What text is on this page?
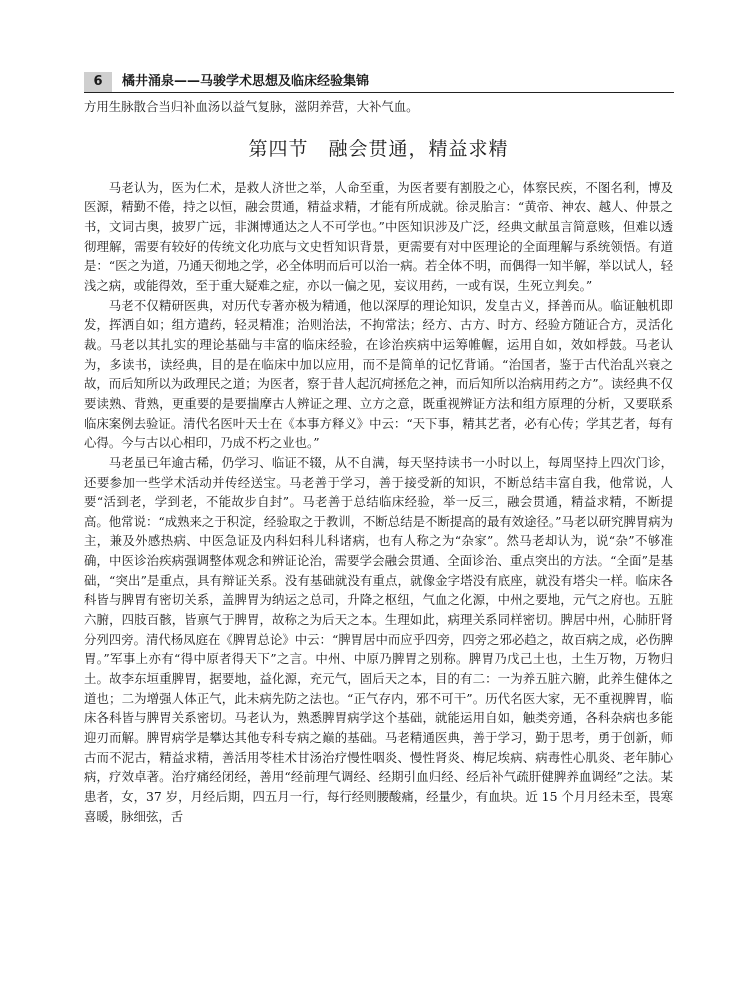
6	橘井涌泉——马骏学术思想及临床经验集锦

方用生脉散合当归补血汤以益气复脉，滋阴养营，大补气血。

第四节　融会贯通，精益求精

马老认为，医为仁术，是救人济世之举，人命至重，为医者要有割股之心，体察民疾，不图名利，博及医源，精勤不倦，持之以恒，融会贯通，精益求精，才能有所成就。徐灵胎言：“黄帝、神农、越人、仲景之书，文词古奥，披罗广远，非渊博通达之人不可学也。”中医知识涉及广泛，经典文献虽言简意赅，但难以透彻理解，需要有较好的传统文化功底与文史哲知识背景，更需要有对中医理论的全面理解与系统领悟。有道是：“医之为道，乃通天彻地之学，必全体明而后可以治一病。若全体不明，而偶得一知半解，举以试人，轻浅之病，或能得效，至于重大疑难之症，亦以一偏之见，妄议用药，一或有误，生死立判矣。”

马老不仅精研医典，对历代专著亦极为精通，他以深厚的理论知识，发皇古义，择善而从。临证触机即发，挥洒自如；组方遣药，轻灵精准；治则治法，不拘常法；经方、古方、时方、经验方随证合方，灵活化裁。马老以其扎实的理论基础与丰富的临床经验，在诊治疾病中运筹帷幄，运用自如，效如桴鼓。马老认为，多读书，读经典，目的是在临床中加以应用，而不是简单的记忆背诵。“治国者，鉴于古代治乱兴衰之故，而后知所以为政理民之道；为医者，察于昔人起沉疴拯危之神，而后知所以治病用药之方”。读经典不仅要读熟、背熟，更重要的是要揣摩古人辨证之理、立方之意，既重视辨证方法和组方原理的分析，又要联系临床案例去验证。清代名医叶天士在《本事方释义》中云：“天下事，精其艺者，必有心传；学其艺者，每有心得。今与古以心相印，乃成不朽之业也。”

马老虽已年逾古稀，仍学习、临证不辍，从不自满，每天坚持读书一小时以上，每周坚持上四次门诊，还要参加一些学术活动并传经送宝。马老善于学习，善于接受新的知识，不断总结丰富自我，他常说，人要“活到老，学到老，不能故步自封”。马老善于总结临床经验，举一反三，融会贯通，精益求精，不断提高。他常说：“成熟来之于积淀，经验取之于教训，不断总结是不断提高的最有效途径。”马老以研究脾胃病为主，兼及外感热病、中医急证及内科妇科儿科诸病，也有人称之为“杂家”。然马老却认为，说“杂”不够准确，中医诊治疾病强调整体观念和辨证论治，需要学会融会贯通、全面诊治、重点突出的方法。“全面”是基础，“突出”是重点，具有辩证关系。没有基础就没有重点，就像金字塔没有底座，就没有塔尖一样。临床各科皆与脾胃有密切关系，盖脾胃为纳运之总司，升降之枢纽，气血之化源，中州之要地，元气之府也。五脏六腑，四肢百骸，皆禀气于脾胃，故称之为后天之本。生理如此，病理关系同样密切。脾居中州，心肺肝肾分列四旁。清代杨凤庭在《脾胃总论》中云：“脾胃居中而应乎四旁，四旁之邪必趋之，故百病之成，必伤脾胃。”军事上亦有“得中原者得天下”之言。中州、中原乃脾胃之别称。脾胃乃戊己土也，土生万物，万物归土。故李东垣重脾胃，据要地，益化源，充元气，固后天之本，目的有二：一为养五脏六腑，此养生健体之道也；二为增强人体正气，此未病先防之法也。“正气存内，邪不可干”。历代名医大家，无不重视脾胃，临床各科皆与脾胃关系密切。马老认为，熟悉脾胃病学这个基础，就能运用自如，触类旁通，各科杂病也多能迎刃而解。脾胃病学是攀达其他专科专病之巅的基础。马老精通医典，善于学习，勤于思考，勇于创新，师古而不泥古，精益求精，善活用苓桂术甘汤治疗慢性咽炎、慢性肾炎、梅尼埃病、病毒性心肌炎、老年肺心病，疗效卓著。治疗痛经闭经，善用“经前理气调经、经期引血归经、经后补气疏肝健脾养血调经”之法。某患者，女，37 岁，月经后期，四五月一行，每行经则腰酸痛，经量少，有血块。近 15 个月月经未至，畏寒喜暖，脉细弦，舌
